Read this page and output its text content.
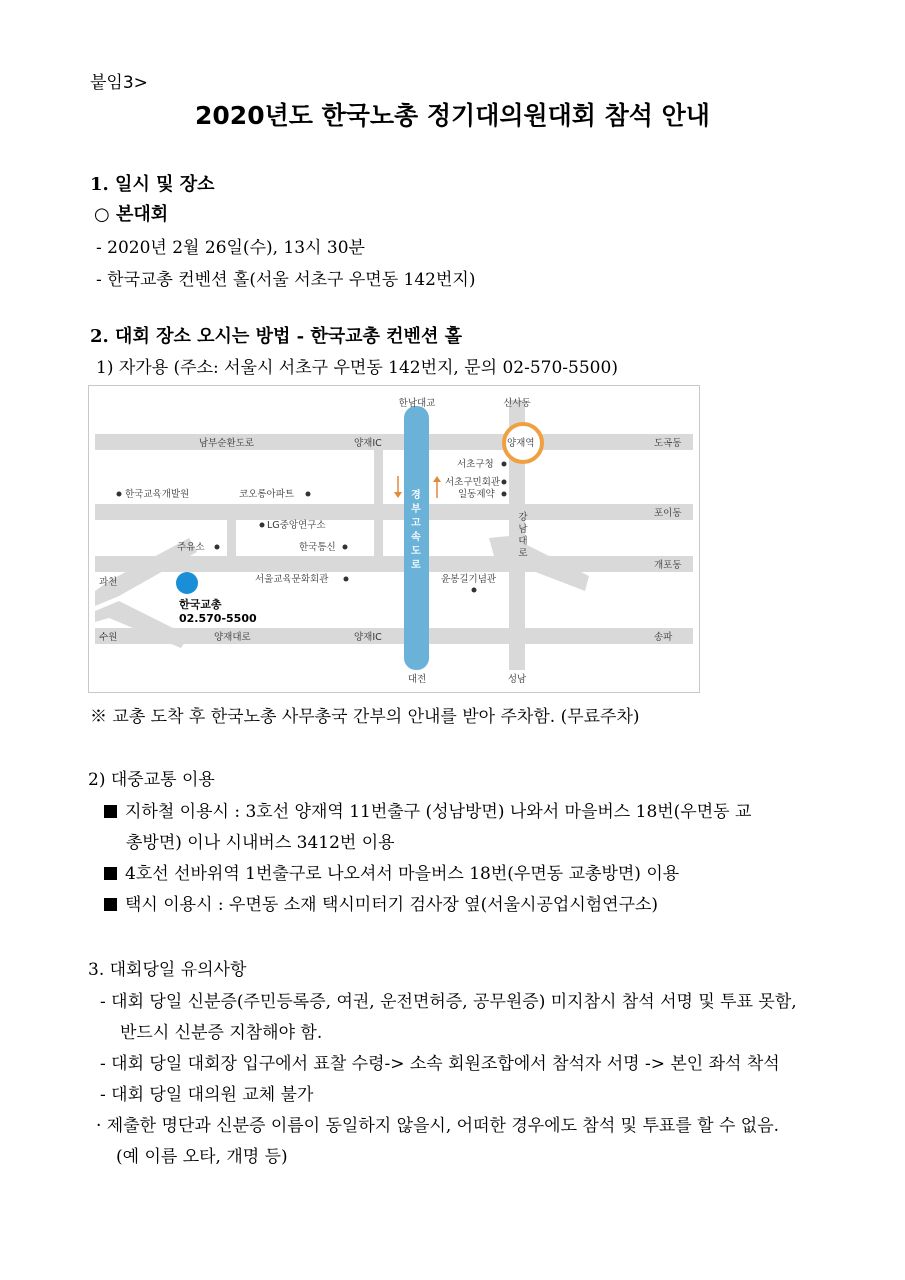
붙임3>
2020년도 한국노총 정기대의원대회 참석 안내
1. 일시 및 장소
○ 본대회
- 2020년 2월 26일(수), 13시 30분
- 한국교총 컨벤션 홀(서울 서초구 우면동 142번지)
2. 대회 장소 오시는 방법 - 한국교총 컨벤션 홀
1) 자가용 (주소: 서울시 서초구 우면동 142번지, 문의 02-570-5500)
한남대교	신사동
대전	성남
남부순환도로	양재IC
양재대로	양재IC
양재역	도곡동
포이동
개포동
송파
과천
수원
서초구청
서초구민회관
일동제약
한국교육개발원	코오롱아파트
LG중앙연구소
주유소	한국통신
서울교육문화회관	윤봉길기념관
한국교총
02.570-5500
경
부
고
속
도
로
강
남
대
로
※ 교총 도착 후 한국노총 사무총국 간부의 안내를 받아 주차함. (무료주차)
2) 대중교통 이용
지하철 이용시 : 3호선 양재역 11번출구 (성남방면) 나와서 마을버스 18번(우면동 교
총방면) 이나 시내버스 3412번 이용
4호선 선바위역 1번출구로 나오셔서 마을버스 18번(우면동 교총방면) 이용
택시 이용시 : 우면동 소재 택시미터기 검사장 옆(서울시공업시험연구소)
3. 대회당일 유의사항
- 대회 당일 신분증(주민등록증, 여권, 운전면허증, 공무원증) 미지참시 참석 서명 및 투표 못함,
반드시 신분증 지참해야 함.
- 대회 당일 대회장 입구에서 표찰 수령-> 소속 회원조합에서 참석자 서명 -> 본인 좌석 착석
- 대회 당일 대의원 교체 불가
· 제출한 명단과 신분증 이름이 동일하지 않을시, 어떠한 경우에도 참석 및 투표를 할 수 없음.
(예 이름 오타, 개명 등)
